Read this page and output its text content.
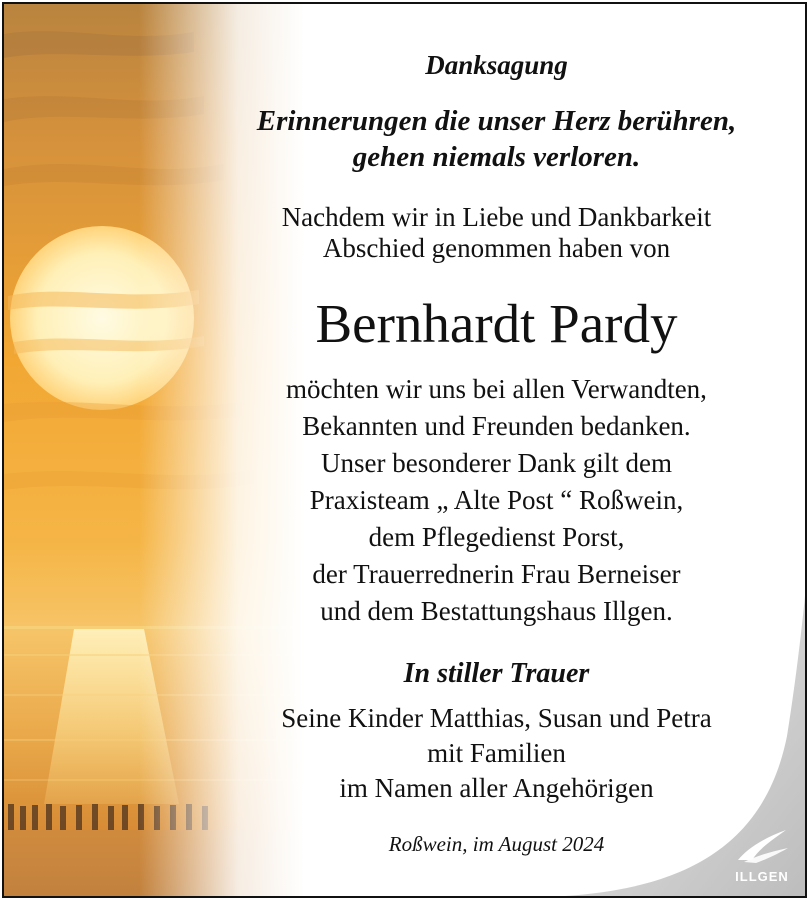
Danksagung
Erinnerungen die unser Herz berühren,
gehen niemals verloren.
Nachdem wir in Liebe und Dankbarkeit
Abschied genommen haben von
Bernhardt Pardy
möchten wir uns bei allen Verwandten,
Bekannten und Freunden bedanken.
Unser besonderer Dank gilt dem
Praxisteam „ Alte Post “ Roßwein,
dem Pflegedienst Porst,
der Trauerrednerin Frau Berneiser
und dem Bestattungshaus Illgen.
In stiller Trauer
Seine Kinder Matthias, Susan und Petra
mit Familien
im Namen aller Angehörigen
Roßwein, im August 2024
ILLGEN
